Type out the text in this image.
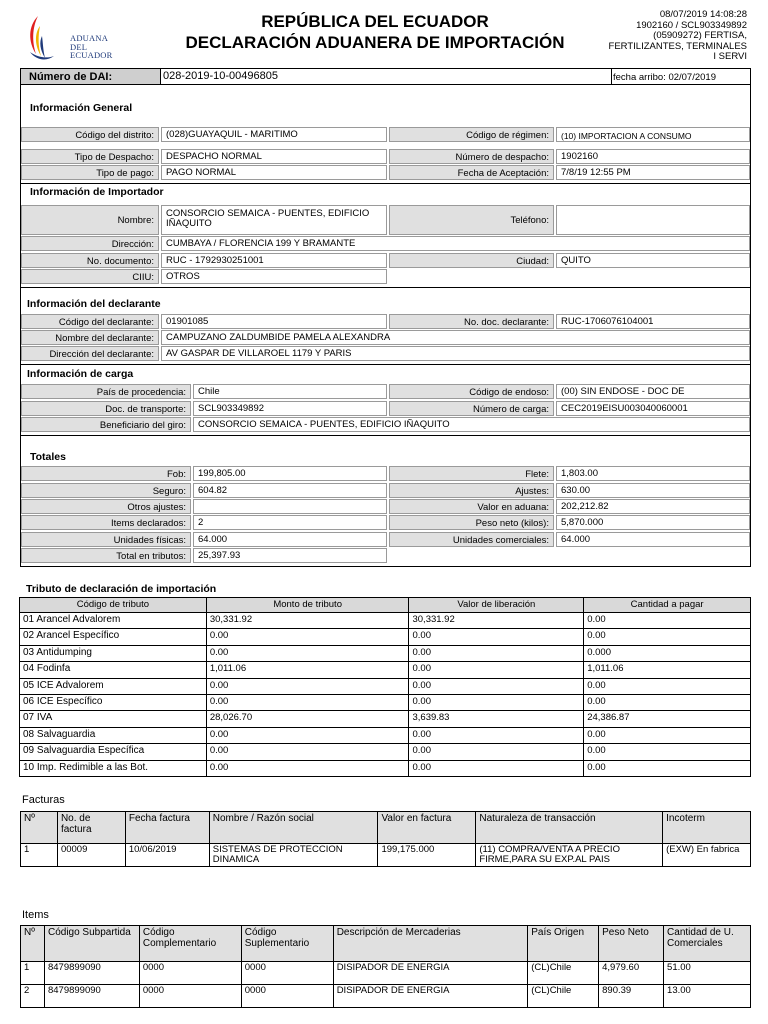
ADUANA
DEL
ECUADOR
REPÚBLICA DEL ECUADOR
DECLARACIÓN ADUANERA DE IMPORTACIÓN
08/07/2019 14:08:28
1902160 / SCL903349892
(05909272) FERTISA,
FERTILIZANTES, TERMINALES
I SERVI
Número de DAI:	028-2019-10-00496805	fecha arribo: 02/07/2019
Información General
Código del distrito:	(028)GUAYAQUIL - MARITIMO	Código de régimen:	(10) IMPORTACION A CONSUMO
Tipo de Despacho:	DESPACHO NORMAL	Número de despacho:	1902160
Tipo de pago:	PAGO NORMAL	Fecha de Aceptación:	7/8/19 12:55 PM
Información de Importador
Nombre:
CONSORCIO SEMAICA - PUENTES, EDIFICIO IÑAQUITO	Teléfono:
Dirección:	CUMBAYA / FLORENCIA 199 Y BRAMANTE
No. documento:	RUC - 1792930251001	Ciudad:	QUITO
CIIU:	OTROS
Información del declarante
Código del declarante:	01901085	No. doc. declarante:	RUC-1706076104001
Nombre del declarante:	CAMPUZANO ZALDUMBIDE PAMELA ALEXANDRA
Dirección del declarante:	AV GASPAR DE VILLAROEL 1179 Y PARIS
Información de carga
País de procedencia:	Chile	Código de endoso:	(00) SIN ENDOSE - DOC DE
Doc. de transporte:	SCL903349892	Número de carga:	CEC2019EISU003040060001
Beneficiario del giro:	CONSORCIO SEMAICA - PUENTES, EDIFICIO IÑAQUITO
Totales
Fob:	199,805.00	Flete:	1,803.00
Seguro:	604.82	Ajustes:	630.00
Otros ajustes:	Valor en aduana:	202,212.82
Items declarados:	2	Peso neto (kilos):	5,870.000
Unidades físicas:	64.000	Unidades comerciales:	64.000
Total en tributos:	25,397.93
Tributo de declaración de importación
Código de tributo	Monto de tributo	Valor de liberación	Cantidad a pagar
01 Arancel Advalorem	30,331.92	30,331.92	0.00
02 Arancel Específico	0.00	0.00	0.00
03 Antidumping	0.00	0.00	0.000
04 Fodinfa	1,011.06	0.00	1,011.06
05 ICE Advalorem	0.00	0.00	0.00
06 ICE Específico	0.00	0.00	0.00
07 IVA	28,026.70	3,639.83	24,386.87
08 Salvaguardia	0.00	0.00	0.00
09 Salvaguardia Específica	0.00	0.00	0.00
10 Imp. Redimible a las Bot.	0.00	0.00	0.00
Facturas
Nº	No. de factura	Fecha factura	Nombre / Razón social	Valor en factura	Naturaleza de transacción	Incoterm
1	00009	10/06/2019	SISTEMAS DE PROTECCION DINAMICA	199,175.000	(11) COMPRA/VENTA A PRECIO FIRME,PARA SU EXP.AL PAIS	(EXW) En fabrica
Items
Nº	Código Subpartida	Código Complementario	Código Suplementario	Descripción de Mercaderias	País Origen	Peso Neto	Cantidad de U. Comerciales
1	8479899090	0000	0000	DISIPADOR DE ENERGIA	(CL)Chile	4,979.60	51.00
2	8479899090	0000	0000	DISIPADOR DE ENERGIA	(CL)Chile	890.39	13.00
